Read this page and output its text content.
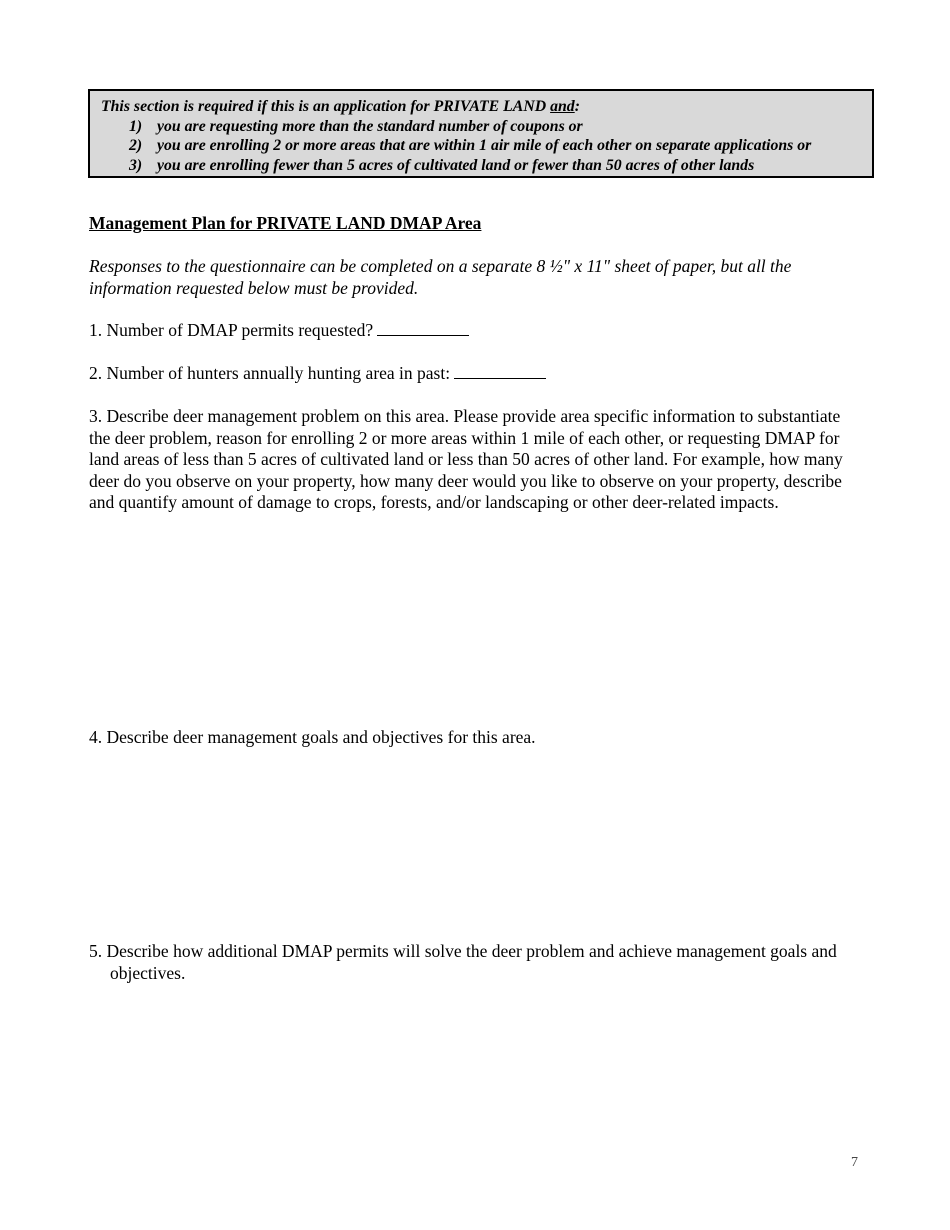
This section is required if this is an application for PRIVATE LAND and:
1) you are requesting more than the standard number of coupons or
2) you are enrolling 2 or more areas that are within 1 air mile of each other on separate applications or
3) you are enrolling fewer than 5 acres of cultivated land or fewer than 50 acres of other lands
Management Plan for PRIVATE LAND DMAP Area
Responses to the questionnaire can be completed on a separate 8 ½" x 11" sheet of paper, but all the information requested below must be provided.
1. Number of DMAP permits requested?
2. Number of hunters annually hunting area in past:
3. Describe deer management problem on this area. Please provide area specific information to substantiate the deer problem, reason for enrolling 2 or more areas within 1 mile of each other, or requesting DMAP for land areas of less than 5 acres of cultivated land or less than 50 acres of other land. For example, how many deer do you observe on your property, how many deer would you like to observe on your property, describe and quantify amount of damage to crops, forests, and/or landscaping or other deer-related impacts.
4. Describe deer management goals and objectives for this area.
5. Describe how additional DMAP permits will solve the deer problem and achieve management goals and objectives.
7
